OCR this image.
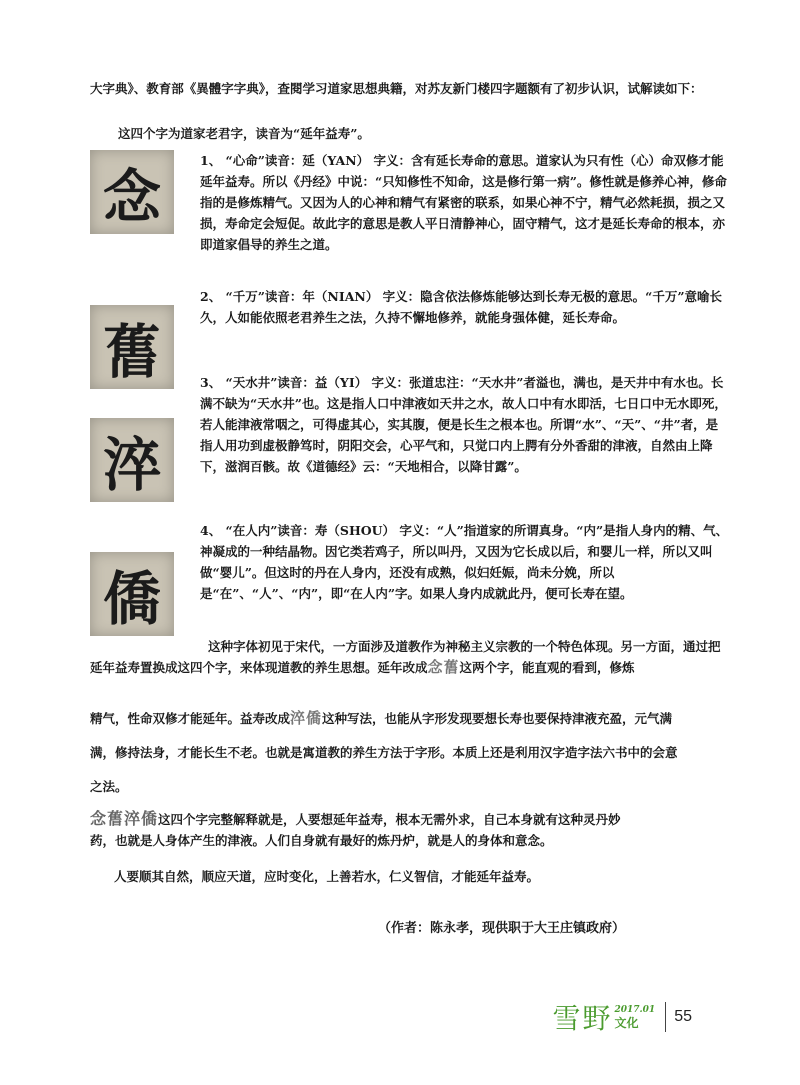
大字典》、教育部《異體字字典》，查閱学习道家思想典籍，对苏友新门楼四字题额有了初步认识，试解读如下：

这四个字为道家老君字，读音为“延年益寿”。

念

1、 “心命”读音：延（YAN） 字义：含有延长寿命的意思。道家认为只有性（心）命双修才能延年益寿。所以《丹经》中说：“只知修性不知命，这是修行第一病”。修性就是修养心神，修命指的是修炼精气。又因为人的心神和精气有紧密的联系，如果心神不宁，精气必然耗损，损之又损，寿命定会短促。故此字的意思是教人平日清静神心，固守精气，这才是延长寿命的根本，亦即道家倡导的养生之道。

𦾔

2、 “千万”读音：年（NIAN） 字义：隐含依法修炼能够达到长寿无极的意思。“千万”意喻长久，人如能依照老君养生之法，久持不懈地修养，就能身强体健，延长寿命。

淬

3、 “天水井”读音：益（YI） 字义：张道忠注：“天水井”者溢也，满也，是天井中有水也。长满不缺为“天水井”也。这是指人口中津液如天井之水，故人口中有水即活，七日口中无水即死，若人能津液常咽之，可得虚其心，实其腹，便是长生之根本也。所谓“水”、“天”、“井”者，是指人用功到虚极静笃时，阴阳交会，心平气和，只觉口内上腭有分外香甜的津液，自然由上降下，滋润百骸。故《道德经》云：“天地相合，以降甘露”。

僑

4、 “在人内”读音：寿（SHOU） 字义：“人”指道家的所谓真身。“内”是指人身内的精、气、神凝成的一种结晶物。因它类若鸡子，所以叫丹，又因为它长成以后，和婴儿一样，所以又叫做“婴儿”。但这时的丹在人身内，还没有成熟，似妇妊娠，尚未分娩，所以是“在”、“人”、“内”，即“在人内”字。如果人身内成就此丹，便可长寿在望。

这种字体初见于宋代，一方面涉及道教作为神秘主义宗教的一个特色体现。另一方面，通过把延年益寿置换成这四个字，来体现道教的养生思想。延年改成念𦾔这两个字，能直观的看到，修炼

精气，性命双修才能延年。益寿改成淬僑这种写法，也能从字形发现要想长寿也要保持津液充盈，元气满

满，修持法身，才能长生不老。也就是寓道教的养生方法于字形。本质上还是利用汉字造字法六书中的会意

之法。

念𦾔淬僑这四个字完整解释就是，人要想延年益寿，根本无需外求，自己本身就有这种灵丹妙
药，也就是人身体产生的津液。人们自身就有最好的炼丹炉，就是人的身体和意念。

人要顺其自然，顺应天道，应时变化，上善若水，仁义智信，才能延年益寿。

（作者：陈永孝，现供职于大王庄镇政府）
雪野 2017.01
文化	55
